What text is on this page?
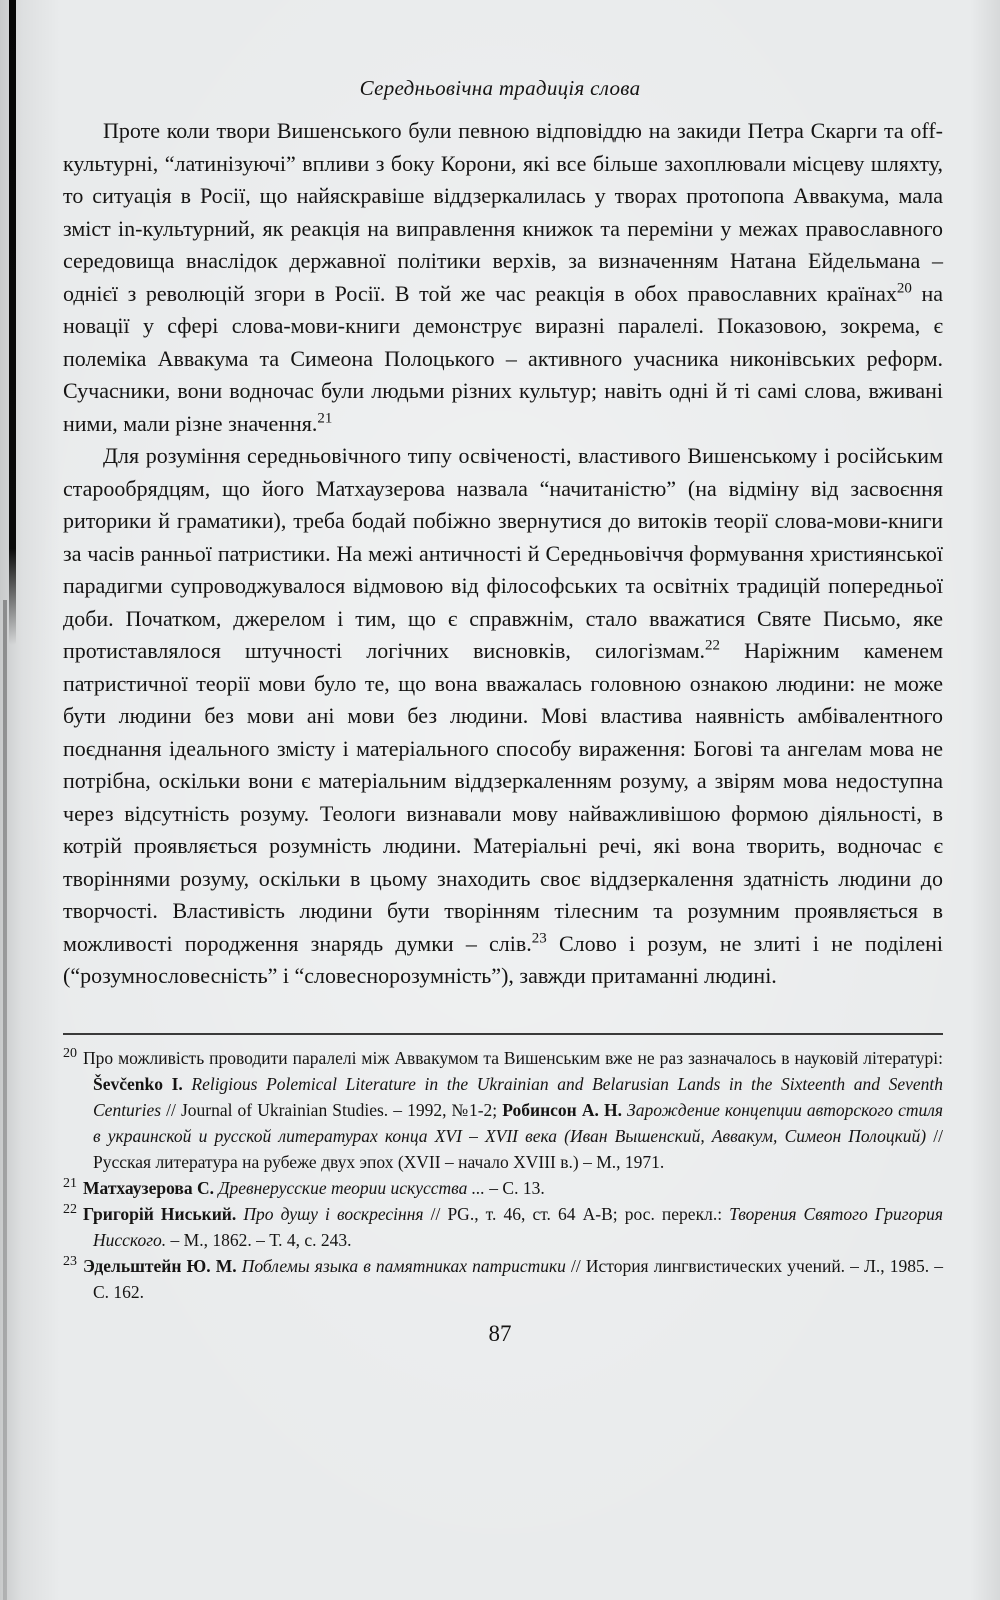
Середньовічна традиція слова

Проте коли твори Вишенського були певною відповіддю на закиди Петра Скарги та off-культурні, “латинізуючі” впливи з боку Корони, які все більше захоплювали місцеву шляхту, то ситуація в Росії, що найяскравіше віддзеркалилась у творах протопопа Аввакума, мала зміст in-культурний, як реакція на виправлення книжок та переміни у межах православного середовища внаслідок державної політики верхів, за визначенням Натана Ейдельмана – однієї з революцій згори в Росії. В той же час реакція в обох православних країнах$^{20}$ на новації у сфері слова-мови-книги демонструє виразні паралелі. Показовою, зокрема, є полеміка Аввакума та Симеона Полоцького – активного учасника никонівських реформ. Сучасники, вони водночас були людьми різних культур; навіть одні й ті самі слова, вживані ними, мали різне значення.$^{21}$

Для розуміння середньовічного типу освіченості, властивого Вишенському і російським старообрядцям, що його Матхаузерова назвала “начитаністю” (на відміну від засвоєння риторики й граматики), треба бодай побіжно звернутися до витоків теорії слова-мови-книги за часів ранньої патристики. На межі античності й Середньовіччя формування християнської парадигми супроводжувалося відмовою від філософських та освітніх традицій попередньої доби. Початком, джерелом і тим, що є справжнім, стало вважатися Святе Письмо, яке протиставлялося штучності логічних висновків, силогізмам.$^{22}$ Наріжним каменем патристичної теорії мови було те, що вона вважалась головною ознакою людини: не може бути людини без мови ані мови без людини. Мові властива наявність амбівалентного поєднання ідеального змісту і матеріального способу вираження: Богові та ангелам мова не потрібна, оскільки вони є матеріальним віддзеркаленням розуму, а звірям мова недоступна через відсутність розуму. Теологи визнавали мову найважливішою формою діяльності, в котрій проявляється розумність людини. Матеріальні речі, які вона творить, водночас є творіннями розуму, оскільки в цьому знаходить своє віддзеркалення здатність людини до творчості. Властивість людини бути творінням тілесним та розумним проявляється в можливості породження знарядь думки – слів.$^{23}$ Слово і розум, не злиті і не поділені (“розумнословесність” і “словеснорозумність”), завжди притаманні людині.

$^{20}$ Про можливість проводити паралелі між Аввакумом та Вишенським вже не раз зазначалось в науковій літературі: Ševčenko I. Religious Polemical Literature in the Ukrainian and Belarusian Lands in the Sixteenth and Seventh Centuries // Journal of Ukrainian Studies. – 1992, №1-2; Робинсон А. Н. Зарождение концепции авторского стиля в украинской и русской литературах конца XVI – XVII века (Иван Вышенский, Аввакум, Симеон Полоцкий) // Русская литература на рубеже двух эпох (XVII – начало XVIII в.) – М., 1971.
$^{21}$ Матхаузерова С. Древнерусские теории искусства ... – С. 13.
$^{22}$ Григорій Ниський. Про душу і воскресіння // PG., т. 46, ст. 64 А-В; рос. перекл.: Творения Святого Григория Нисского. – М., 1862. – Т. 4, с. 243.
$^{23}$ Эдельштейн Ю. М. Поблемы языка в памятниках патристики // История лингвистических учений. – Л., 1985. – С. 162.
87
